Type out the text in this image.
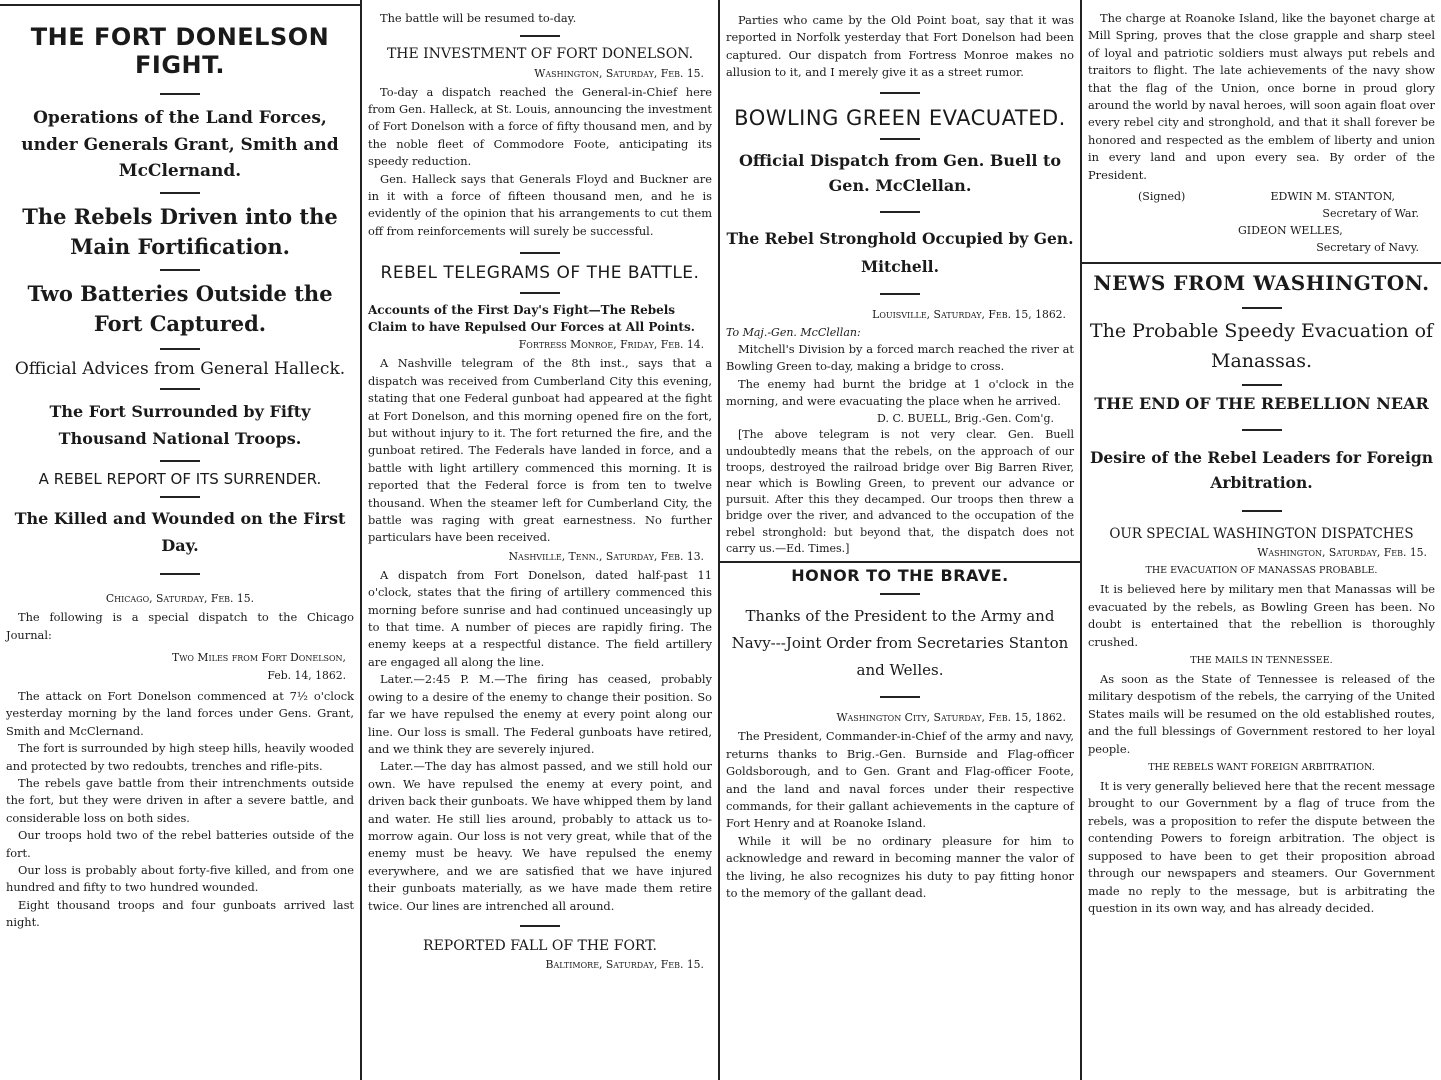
THE FORT DONELSON FIGHT.
Operations of the Land Forces, under Generals Grant, Smith and McClernand.
The Rebels Driven into the Main Fortification.
Two Batteries Outside the Fort Captured.
Official Advices from General Halleck.
The Fort Surrounded by Fifty Thousand National Troops.
A REBEL REPORT OF ITS SURRENDER.
The Killed and Wounded on the First Day.
Chicago, Saturday, Feb. 15.

The following is a special dispatch to the Chicago Journal:

Two Miles from Fort Donelson,
Feb. 14, 1862.

The attack on Fort Donelson commenced at 7½ o'clock yesterday morning by the land forces under Gens. Grant, Smith and McClernand.

The fort is surrounded by high steep hills, heavily wooded and protected by two redoubts, trenches and rifle-pits.

The rebels gave battle from their intrenchments outside the fort, but they were driven in after a severe battle, and considerable loss on both sides.

Our troops hold two of the rebel batteries outside of the fort.

Our loss is probably about forty-five killed, and from one hundred and fifty to two hundred wounded.

Eight thousand troops and four gunboats arrived last night.

The battle will be resumed to-day.

THE INVESTMENT OF FORT DONELSON.
Washington, Saturday, Feb. 15.

To-day a dispatch reached the General-in-Chief here from Gen. Halleck, at St. Louis, announcing the investment of Fort Donelson with a force of fifty thousand men, and by the noble fleet of Commodore Foote, anticipating its speedy reduction.

Gen. Halleck says that Generals Floyd and Buckner are in it with a force of fifteen thousand men, and he is evidently of the opinion that his arrangements to cut them off from reinforcements will surely be successful.

REBEL TELEGRAMS OF THE BATTLE.
Accounts of the First Day's Fight—The Rebels Claim to have Repulsed Our Forces at All Points.
Fortress Monroe, Friday, Feb. 14.

A Nashville telegram of the 8th inst., says that a dispatch was received from Cumberland City this evening, stating that one Federal gunboat had appeared at the fight at Fort Donelson, and this morning opened fire on the fort, but without injury to it. The fort returned the fire, and the gunboat retired. The Federals have landed in force, and a battle with light artillery commenced this morning. It is reported that the Federal force is from ten to twelve thousand. When the steamer left for Cumberland City, the battle was raging with great earnestness. No further particulars have been received.

Nashville, Tenn., Saturday, Feb. 13.

A dispatch from Fort Donelson, dated half-past 11 o'clock, states that the firing of artillery commenced this morning before sunrise and had continued unceasingly up to that time. A number of pieces are rapidly firing. The enemy keeps at a respectful distance. The field artillery are engaged all along the line.

Later.—2:45 P. M.—The firing has ceased, probably owing to a desire of the enemy to change their position. So far we have repulsed the enemy at every point along our line. Our loss is small. The Federal gunboats have retired, and we think they are severely injured.

Later.—The day has almost passed, and we still hold our own. We have repulsed the enemy at every point, and driven back their gunboats. We have whipped them by land and water. He still lies around, probably to attack us to-morrow again. Our loss is not very great, while that of the enemy must be heavy. We have repulsed the enemy everywhere, and we are satisfied that we have injured their gunboats materially, as we have made them retire twice. Our lines are intrenched all around.

REPORTED FALL OF THE FORT.
Baltimore, Saturday, Feb. 15.

Parties who came by the Old Point boat, say that it was reported in Norfolk yesterday that Fort Donelson had been captured. Our dispatch from Fortress Monroe makes no allusion to it, and I merely give it as a street rumor.

BOWLING GREEN EVACUATED.
Official Dispatch from Gen. Buell to Gen. McClellan.
The Rebel Stronghold Occupied by Gen. Mitchell.
Louisville, Saturday, Feb. 15, 1862.
To Maj.-Gen. McClellan:

Mitchell's Division by a forced march reached the river at Bowling Green to-day, making a bridge to cross.

The enemy had burnt the bridge at 1 o'clock in the morning, and were evacuating the place when he arrived.

D. C. BUELL, Brig.-Gen. Com'g.

[The above telegram is not very clear. Gen. Buell undoubtedly means that the rebels, on the approach of our troops, destroyed the railroad bridge over Big Barren River, near which is Bowling Green, to prevent our advance or pursuit. After this they decamped. Our troops then threw a bridge over the river, and advanced to the occupation of the rebel stronghold: but beyond that, the dispatch does not carry us.—Ed. Times.]

HONOR TO THE BRAVE.
Thanks of the President to the Army and Navy---Joint Order from Secretaries Stanton and Welles.
Washington City, Saturday, Feb. 15, 1862.

The President, Commander-in-Chief of the army and navy, returns thanks to Brig.-Gen. Burnside and Flag-officer Goldsborough, and to Gen. Grant and Flag-officer Foote, and the land and naval forces under their respective commands, for their gallant achievements in the capture of Fort Henry and at Roanoke Island.

While it will be no ordinary pleasure for him to acknowledge and reward in becoming manner the valor of the living, he also recognizes his duty to pay fitting honor to the memory of the gallant dead.

The charge at Roanoke Island, like the bayonet charge at Mill Spring, proves that the close grapple and sharp steel of loyal and patriotic soldiers must always put rebels and traitors to flight. The late achievements of the navy show that the flag of the Union, once borne in proud glory around the world by naval heroes, will soon again float over every rebel city and stronghold, and that it shall forever be honored and respected as the emblem of liberty and union in every land and upon every sea. By order of the President.

(Signed)	EDWIN M. STANTON,
Secretary of War.
GIDEON WELLES,
Secretary of Navy.
NEWS FROM WASHINGTON.
The Probable Speedy Evacuation of Manassas.
THE END OF THE REBELLION NEAR
Desire of the Rebel Leaders for Foreign Arbitration.
OUR SPECIAL WASHINGTON DISPATCHES
Washington, Saturday, Feb. 15.
THE EVACUATION OF MANASSAS PROBABLE.

It is believed here by military men that Manassas will be evacuated by the rebels, as Bowling Green has been. No doubt is entertained that the rebellion is thoroughly crushed.

THE MAILS IN TENNESSEE.

As soon as the State of Tennessee is released of the military despotism of the rebels, the carrying of the United States mails will be resumed on the old established routes, and the full blessings of Government restored to her loyal people.

THE REBELS WANT FOREIGN ARBITRATION.

It is very generally believed here that the recent message brought to our Government by a flag of truce from the rebels, was a proposition to refer the dispute between the contending Powers to foreign arbitration. The object is supposed to have been to get their proposition abroad through our newspapers and steamers. Our Government made no reply to the message, but is arbitrating the question in its own way, and has already decided.
